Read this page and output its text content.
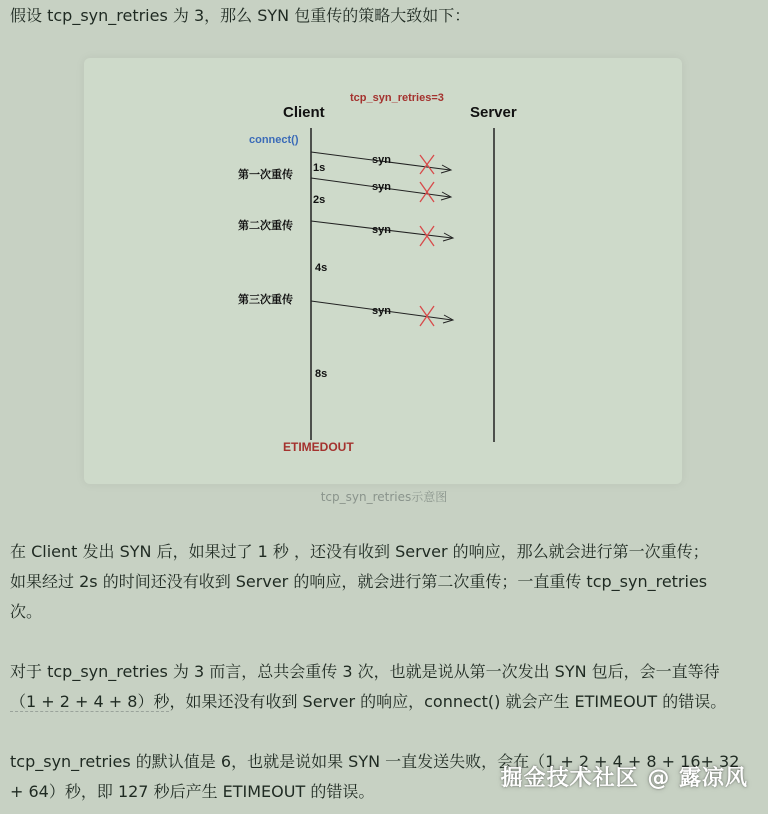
假设 tcp_syn_retries 为 3，那么 SYN 包重传的策略大致如下：
tcp_syn_retries=3
Client	Server
connect()
第一次重传
第二次重传
第三次重传
1s
2s
4s
8s
syn
syn
syn
syn
ETIMEDOUT
tcp_syn_retries示意图
在 Client 发出 SYN 后，如果过了 1 秒 ，还没有收到 Server 的响应，那么就会进行第一次重传；
如果经过 2s 的时间还没有收到 Server 的响应，就会进行第二次重传；一直重传 tcp_syn_retries
次。
对于 tcp_syn_retries 为 3 而言，总共会重传 3 次，也就是说从第一次发出 SYN 包后，会一直等待
（1 + 2 + 4 + 8）秒，如果还没有收到 Server 的响应，connect() 就会产生 ETIMEOUT 的错误。
tcp_syn_retries 的默认值是 6，也就是说如果 SYN 一直发送失败，会在（1 + 2 + 4 + 8 + 16+ 32
+ 64）秒，即 127 秒后产生 ETIMEOUT 的错误。
掘金技术社区 @ 露凉风
